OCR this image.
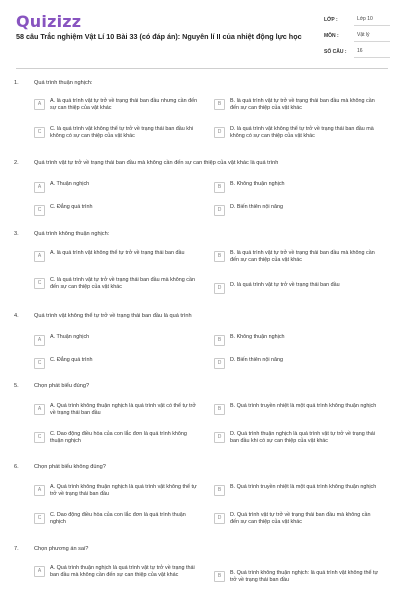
Quizizz
58 câu Trắc nghiệm Vật Lí 10 Bài 33 (có đáp án): Nguyên lí II của nhiệt động lực học
LỚP :	Lớp 10
MÔN :	Vật lý
SỐ CÂU :	16
1.	Quá trình thuận nghịch:
A	A. là quá trình vật tự trở về trạng thái ban đầu nhưng cần đến sự can thiệp của vật khác
B	B. là quá trình vật tự trở về trạng thái ban đầu mà không cần đến sự can thiệp của vật khác
C	C. là quá trình vật không thể tự trở về trạng thái ban đầu khi không có sự can thiệp của vật khác
D	D. là quá trình vật không thể tự trở về trạng thái ban đầu mà không có sự can thiệp của vật khác
2.	Quá trình vật tự trở về trạng thái ban đầu mà không cần đến sự can thiệp của vật khác là quá trình
A	A. Thuận nghịch	B	B. Không thuận nghịch
C	C. Đẳng quá trình	D	D. Biến thiên nội năng
3.	Quá trình không thuận nghịch:
A	A. là quá trình vật không thể tự trở về trạng thái ban đầu	B	B. là quá trình vật tự trở về trạng thái ban đầu mà không cần đến sự can thiệp của vật khác
C	C. là quá trình vật tự trở về trạng thái ban đầu mà không cần đến sự can thiệp của vật khác	D	D. là quá trình vật tự trở về trạng thái ban đầu
4.	Quá trình vật không thể tự trở về trạng thái ban đầu là quá trình
A	A. Thuận nghịch	B	B. Không thuận nghịch
C	C. Đẳng quá trình	D	D. Biến thiên nội năng
5.	Chọn phát biểu đúng?
A	A. Quá trình không thuận nghịch là quá trình vật có thể tự trở về trạng thái ban đầu
B	B. Quá trình truyền nhiệt là một quá trình không thuận nghịch
C	C. Dao động điều hòa của con lắc đơn là quá trình không thuận nghịch
D	D. Quá trình thuận nghịch là quá trình vật tự trở về trạng thái ban đầu khi có sự can thiệp của vật khác
6.	Chọn phát biểu không đúng?
A	A. Quá trình không thuận nghịch là quá trình vật không thể tự trở về trạng thái ban đầu
B	B. Quá trình truyền nhiệt là một quá trình không thuận nghịch
C	C. Dao động điều hòa của con lắc đơn là quá trình thuận nghịch
D	D. Quá trình vật tự trở về trạng thái ban đầu mà không cần đến sự can thiệp của vật khác
7.	Chọn phương án sai?
A	A. Quá trình thuận nghịch là quá trình vật tự trở về trạng thái ban đầu mà không cần đến sự can thiệp của vật khác	B	B. Quá trình không thuận nghịch: là quá trình vật không thể tự trở về trạng thái ban đầu
